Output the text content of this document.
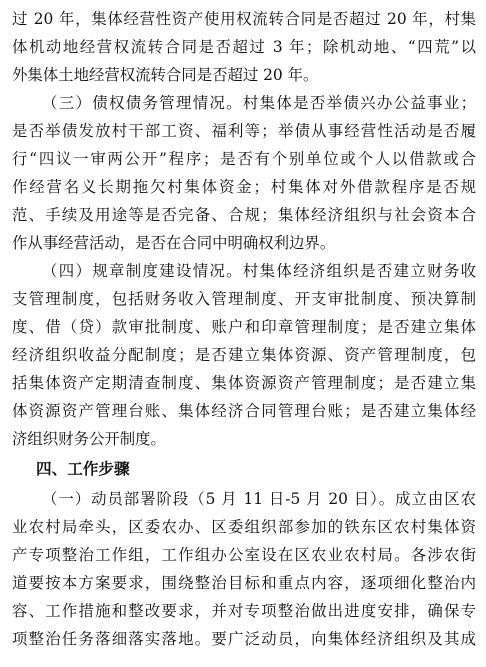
过 20 年，集体经营性资产使用权流转合同是否超过 20 年，村集
体机动地经营权流转合同是否超过 3 年；除机动地、“四荒”以
外集体土地经营权流转合同是否超过 20 年。
（三）债权债务管理情况。村集体是否举债兴办公益事业；
是否举债发放村干部工资、福利等；举债从事经营性活动是否履
行“四议一审两公开”程序；是否有个别单位或个人以借款或合
作经营名义长期拖欠村集体资金；村集体对外借款程序是否规
范、手续及用途等是否完备、合规；集体经济组织与社会资本合
作从事经营活动，是否在合同中明确权利边界。
（四）规章制度建设情况。村集体经济组织是否建立财务收
支管理制度，包括财务收入管理制度、开支审批制度、预决算制
度、借（贷）款审批制度、账户和印章管理制度；是否建立集体
经济组织收益分配制度；是否建立集体资源、资产管理制度，包
括集体资产定期清查制度、集体资源资产管理制度；是否建立集
体资源资产管理台账、集体经济合同管理台账；是否建立集体经
济组织财务公开制度。
四、工作步骤
（一）动员部署阶段（5 月 11 日-5 月 20 日）。成立由区农
业农村局牵头，区委农办、区委组织部参加的铁东区农村集体资
产专项整治工作组，工作组办公室设在区农业农村局。各涉农街
道要按本方案要求，围绕整治目标和重点内容，逐项细化整治内
容、工作措施和整改要求，并对专项整治做出进度安排，确保专
项整治任务落细落实落地。要广泛动员，向集体经济组织及其成
